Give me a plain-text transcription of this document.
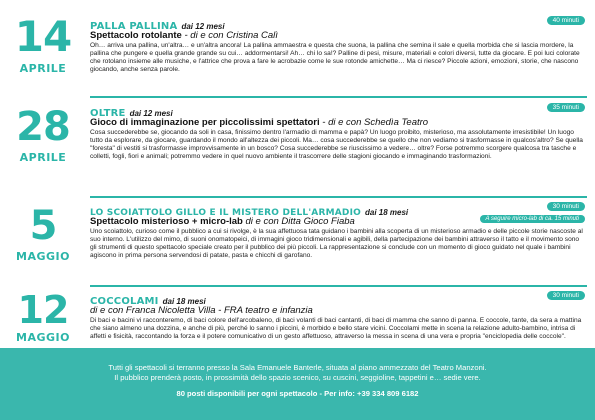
14
APRILE
PALLA PALLINA dai 12 mesi
40 minuti

Spettacolo rotolante - di e con Cristina Calì

Oh… arriva una pallina, un'altra… e un'altra ancora! La pallina ammaestra e questa che suona, la pallina che semina il sale e quella morbida che si lascia mordere, la pallina che pungere e quella grande grande su cui… addormentarsi! Ah… chi lo sa!? Palline di pesi, misure, materiali e colori diversi, tutte da giocare. E poi luci colorate che rotolano insieme alle musiche, e l'attrice che prova a fare le acrobazie come le sue rotonde amichette… Ma ci riesce? Piccole azioni, emozioni, storie, che nascono giocando, anche senza parole.

28
APRILE
OLTRE dai 12 mesi
35 minuti

Gioco di immaginazione per piccolissimi spettatori - di e con Schedìa Teatro

Cosa succederebbe se, giocando da soli in casa, finissimo dentro l'armadio di mamma e papà? Un luogo proibito, misterioso, ma assolutamente irresistibile! Un luogo tutto da esplorare, da giocare, guardando il mondo all'altezza dei piccoli. Ma… cosa succederebbe se quello che non vediamo si trasformasse in qualcos'altro? Se quella "foresta" di vestiti si trasformasse improvvisamente in un bosco? Cosa succederebbe se riuscissimo a vedere… oltre? Forse potremmo scorgere qualcosa tra tasche e colletti, fogli, fiori e animali; potremmo vedere in quel nuovo ambiente il trascorrere delle stagioni giocando e immaginando trasformazioni.

5
MAGGIO
LO SCOIATTOLO GILLO E IL MISTERO DELL'ARMADIO dai 18 mesi
30 minuti
A seguire micro-lab di ca. 15 minuti

Spettacolo misterioso + micro-lab di e con Ditta Gioco Fiaba

Uno scoiattolo, curioso come il pubblico a cui si rivolge, è la sua affettuosa tata guidano i bambini alla scoperta di un misterioso armadio e delle piccole storie nascoste al suo interno. L'utilizzo del mimo, di suoni onomatopeici, di immagini gioco tridimensionali e agibili, della partecipazione dei bambini attraverso il tatto e il movimento sono gli strumenti di questo spettacolo speciale creato per il pubblico dei più piccoli. La rappresentazione si conclude con un momento di gioco guidato nel quale i bambini agiscono in prima persona servendosi di patate, pasta e chicchi di garofano.

12
MAGGIO
COCCOLAMI dai 18 mesi
30 minuti

di e con Franca Nicoletta Villa - FRA teatro e infanzia

Di baci e bacini vi racconteremo, di baci colore dell'arcobaleno, di baci volanti di baci cantanti, di baci di mamma che sanno di panna. E coccole, tante, da sera a mattina che siano almeno una dozzina, e anche di più, perché lo sanno i piccini, è morbido e bello stare vicini. Coccolami mette in scena la relazione adulto-bambino, intrisa di affetti e fisicità, raccontando la forza e il potere comunicativo di un gesto affettuoso, attraverso la messa in scena di una vera e propria "enciclopedia delle coccole".

Tutti gli spettacoli si terranno presso la Sala Emanuele Banterle, situata al piano ammezzato del Teatro Manzoni.

Il pubblico prenderà posto, in prossimità dello spazio scenico, su cuscini, seggioline, tappetini e… sedie vere.

80 posti disponibili per ogni spettacolo - Per info: +39 334 809 6182
